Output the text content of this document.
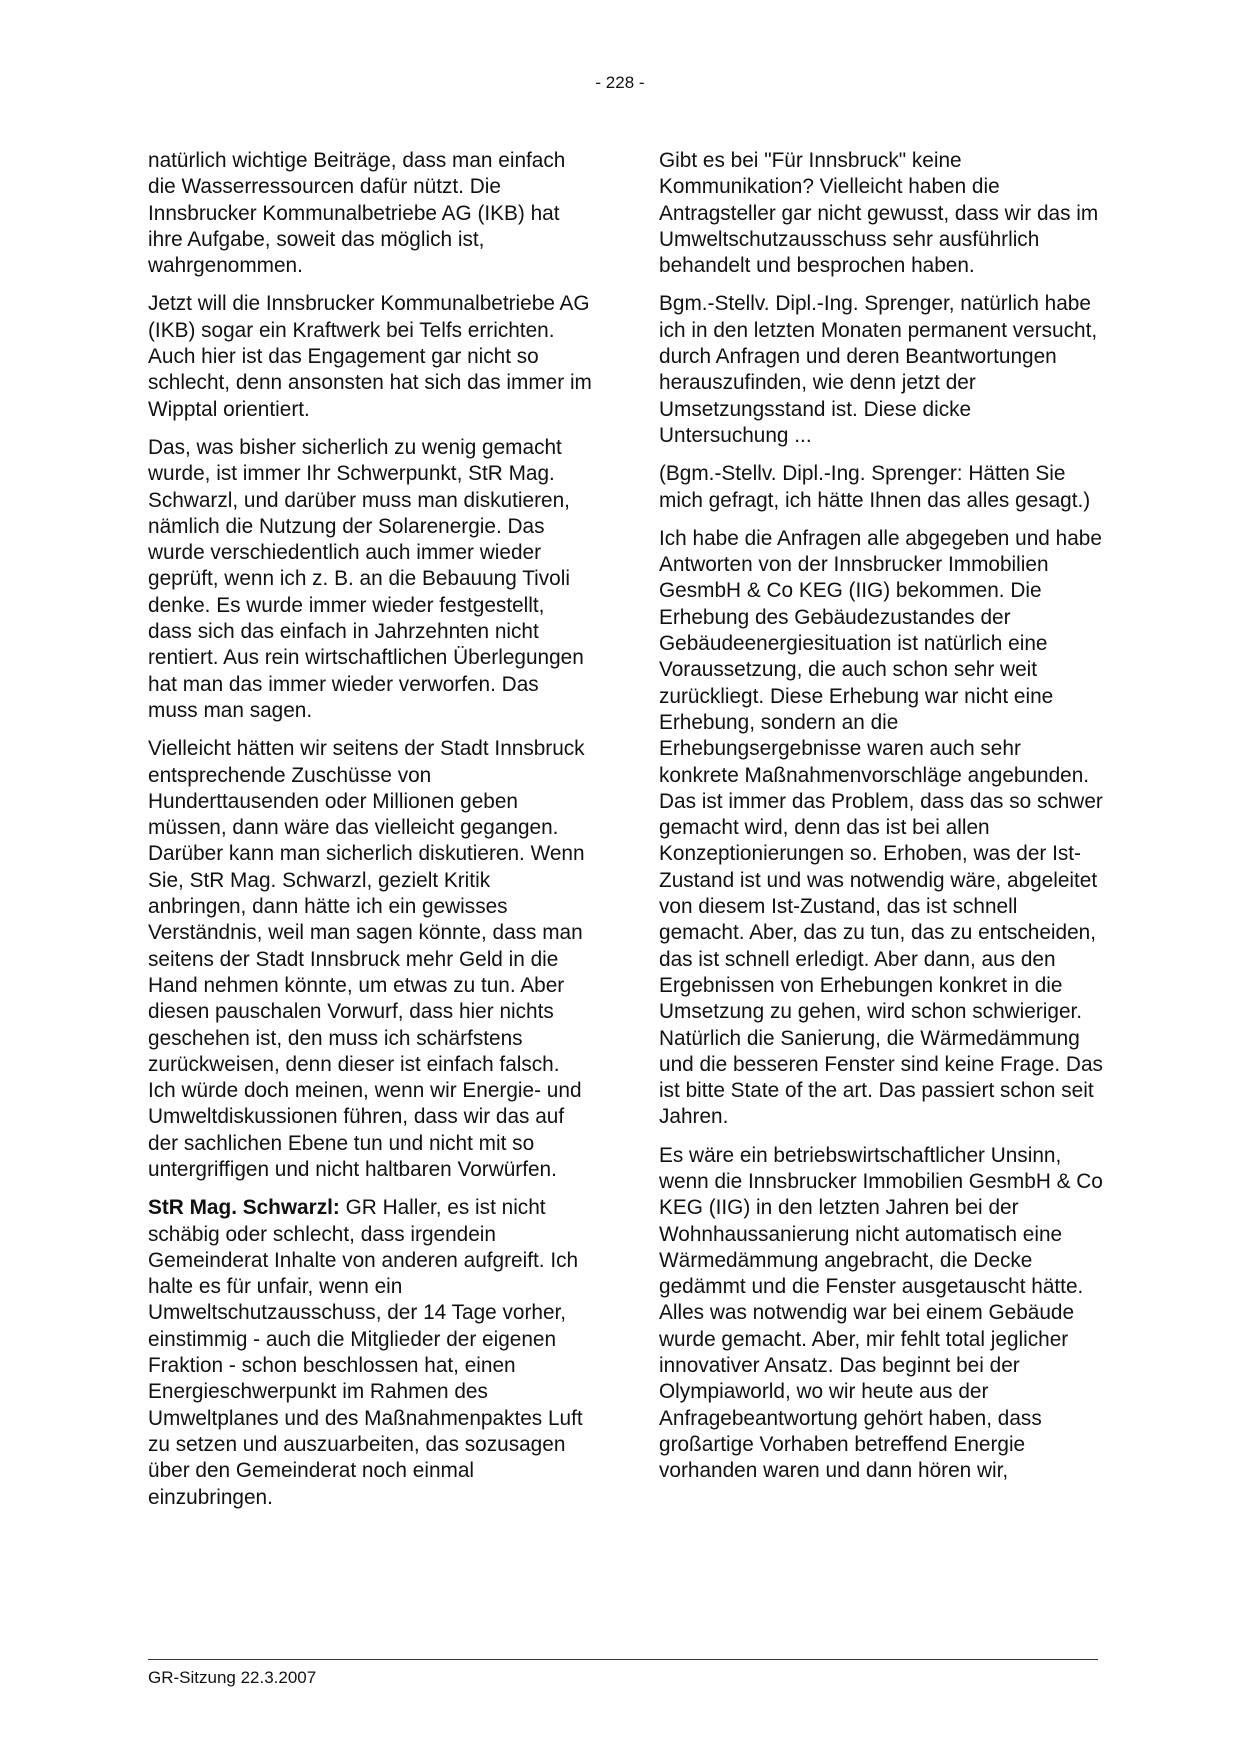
- 228 -

natürlich wichtige Beiträge, dass man einfach die Wasserressourcen dafür nützt. Die Innsbrucker Kommunalbetriebe AG (IKB) hat ihre Aufgabe, soweit das möglich ist, wahrgenommen.

Jetzt will die Innsbrucker Kommunalbetriebe AG (IKB) sogar ein Kraftwerk bei Telfs errichten. Auch hier ist das Engagement gar nicht so schlecht, denn ansonsten hat sich das immer im Wipptal orientiert.

Das, was bisher sicherlich zu wenig gemacht wurde, ist immer Ihr Schwerpunkt, StR Mag. Schwarzl, und darüber muss man diskutieren, nämlich die Nutzung der Solarenergie. Das wurde verschiedentlich auch immer wieder geprüft, wenn ich z. B. an die Bebauung Tivoli denke. Es wurde immer wieder festgestellt, dass sich das einfach in Jahrzehnten nicht rentiert. Aus rein wirtschaftlichen Überlegungen hat man das immer wieder verworfen. Das muss man sagen.

Vielleicht hätten wir seitens der Stadt Innsbruck entsprechende Zuschüsse von Hunderttausenden oder Millionen geben müssen, dann wäre das vielleicht gegangen. Darüber kann man sicherlich diskutieren. Wenn Sie, StR Mag. Schwarzl, gezielt Kritik anbringen, dann hätte ich ein gewisses Verständnis, weil man sagen könnte, dass man seitens der Stadt Innsbruck mehr Geld in die Hand nehmen könnte, um etwas zu tun. Aber diesen pauschalen Vorwurf, dass hier nichts geschehen ist, den muss ich schärfstens zurückweisen, denn dieser ist einfach falsch. Ich würde doch meinen, wenn wir Energie- und Umweltdiskussionen führen, dass wir das auf der sachlichen Ebene tun und nicht mit so untergriffigen und nicht haltbaren Vorwürfen.

StR Mag. Schwarzl: GR Haller, es ist nicht schäbig oder schlecht, dass irgendein Gemeinderat Inhalte von anderen aufgreift. Ich halte es für unfair, wenn ein Umweltschutzausschuss, der 14 Tage vorher, einstimmig - auch die Mitglieder der eigenen Fraktion - schon beschlossen hat, einen Energieschwerpunkt im Rahmen des Umweltplanes und des Maßnahmenpaktes Luft zu setzen und auszuarbeiten, das sozusagen über den Gemeinderat noch einmal einzubringen.

Gibt es bei "Für Innsbruck" keine Kommunikation? Vielleicht haben die Antragsteller gar nicht gewusst, dass wir das im Umweltschutzausschuss sehr ausführlich behandelt und besprochen haben.

Bgm.-Stellv. Dipl.-Ing. Sprenger, natürlich habe ich in den letzten Monaten permanent versucht, durch Anfragen und deren Beantwortungen herauszufinden, wie denn jetzt der Umsetzungsstand ist. Diese dicke Untersuchung ...

(Bgm.-Stellv. Dipl.-Ing. Sprenger: Hätten Sie mich gefragt, ich hätte Ihnen das alles gesagt.)

Ich habe die Anfragen alle abgegeben und habe Antworten von der Innsbrucker Immobilien GesmbH & Co KEG (IIG) bekommen. Die Erhebung des Gebäudezustandes der Gebäudeenergiesituation ist natürlich eine Voraussetzung, die auch schon sehr weit zurückliegt. Diese Erhebung war nicht eine Erhebung, sondern an die Erhebungsergebnisse waren auch sehr konkrete Maßnahmenvorschläge angebunden. Das ist immer das Problem, dass das so schwer gemacht wird, denn das ist bei allen Konzeptionierungen so. Erhoben, was der Ist-Zustand ist und was notwendig wäre, abgeleitet von diesem Ist-Zustand, das ist schnell gemacht. Aber, das zu tun, das zu entscheiden, das ist schnell erledigt. Aber dann, aus den Ergebnissen von Erhebungen konkret in die Umsetzung zu gehen, wird schon schwieriger. Natürlich die Sanierung, die Wärmedämmung und die besseren Fenster sind keine Frage. Das ist bitte State of the art. Das passiert schon seit Jahren.

Es wäre ein betriebswirtschaftlicher Unsinn, wenn die Innsbrucker Immobilien GesmbH & Co KEG (IIG) in den letzten Jahren bei der Wohnhaussanierung nicht automatisch eine Wärmedämmung angebracht, die Decke gedämmt und die Fenster ausgetauscht hätte. Alles was notwendig war bei einem Gebäude wurde gemacht. Aber, mir fehlt total jeglicher innovativer Ansatz. Das beginnt bei der Olympiaworld, wo wir heute aus der Anfragebeantwortung gehört haben, dass großartige Vorhaben betreffend Energie vorhanden waren und dann hören wir,

GR-Sitzung 22.3.2007
